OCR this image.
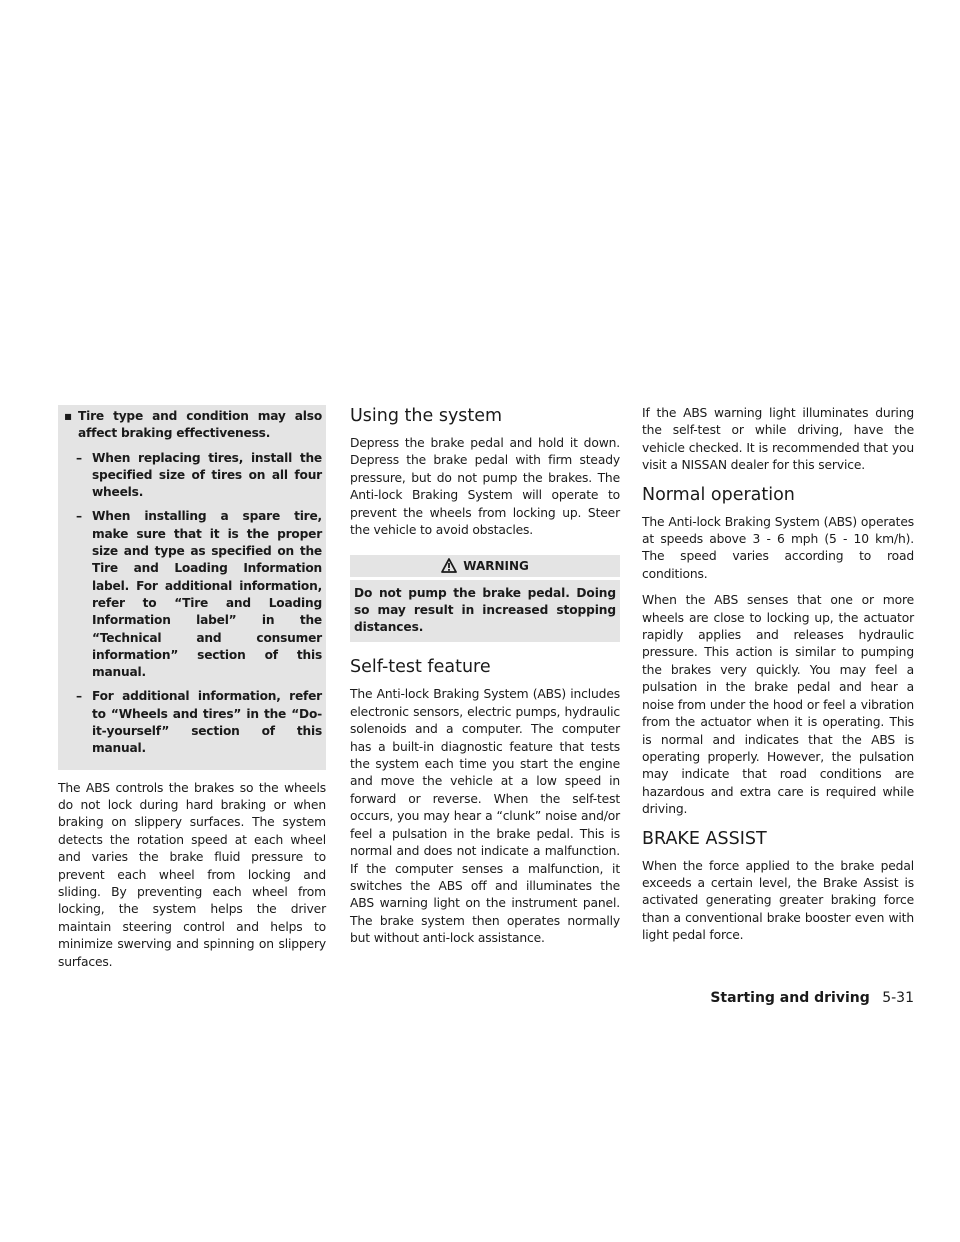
▪ Tire type and condition may also affect braking effectiveness.
– When replacing tires, install the specified size of tires on all four wheels.
– When installing a spare tire, make sure that it is the proper size and type as specified on the Tire and Loading Information label. For additional information, refer to “Tire and Loading Information label” in the “Technical and consumer information” section of this manual.
– For additional information, refer to “Wheels and tires” in the “Do-it-yourself” section of this manual.

The ABS controls the brakes so the wheels do not lock during hard braking or when braking on slippery surfaces. The system detects the rotation speed at each wheel and varies the brake fluid pressure to prevent each wheel from locking and sliding. By preventing each wheel from locking, the system helps the driver maintain steering control and helps to minimize swerving and spinning on slippery surfaces.

Using the system

Depress the brake pedal and hold it down. Depress the brake pedal with firm steady pressure, but do not pump the brakes. The Anti-lock Braking System will operate to prevent the wheels from locking up. Steer the vehicle to avoid obstacles.

WARNING
Do not pump the brake pedal. Doing so may result in increased stopping distances.
Self-test feature

The Anti-lock Braking System (ABS) includes electronic sensors, electric pumps, hydraulic solenoids and a computer. The computer has a built-in diagnostic feature that tests the system each time you start the engine and move the vehicle at a low speed in forward or reverse. When the self-test occurs, you may hear a “clunk” noise and/or feel a pulsation in the brake pedal. This is normal and does not indicate a malfunction. If the computer senses a malfunction, it switches the ABS off and illuminates the ABS warning light on the instrument panel. The brake system then operates normally but without anti-lock assistance.

If the ABS warning light illuminates during the self-test or while driving, have the vehicle checked. It is recommended that you visit a NISSAN dealer for this service.

Normal operation

The Anti-lock Braking System (ABS) operates at speeds above 3 - 6 mph (5 - 10 km/h). The speed varies according to road conditions.

When the ABS senses that one or more wheels are close to locking up, the actuator rapidly applies and releases hydraulic pressure. This action is similar to pumping the brakes very quickly. You may feel a pulsation in the brake pedal and hear a noise from under the hood or feel a vibration from the actuator when it is operating. This is normal and indicates that the ABS is operating properly. However, the pulsation may indicate that road conditions are hazardous and extra care is required while driving.

BRAKE ASSIST

When the force applied to the brake pedal exceeds a certain level, the Brake Assist is activated generating greater braking force than a conventional brake booster even with light pedal force.

Starting and driving 5-31
